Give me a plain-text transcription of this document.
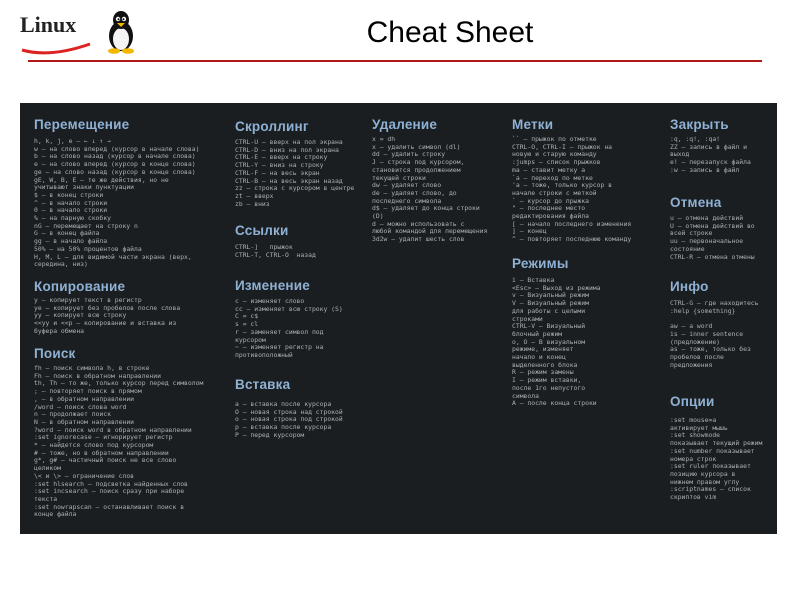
Linux	Cheat Sheet
Перемещение
h, k, j, e – ← ↓ ↑ →
w – на слово вперед (курсор в начале слова)
b – на слово назад (курсор в начале слова)
e – на слово вперед (курсор в конце слова)
ge – на слово назад (курсор в конце слова)
gE, W, B, E – те же действия, но не
учитывают знаки пунктуации
$ – в конец строки
^ – в начало строки
0 – в начало строки
% – на парную скобку
nG – перемещает на строку n
G – в конец файла
gg – в начало файла
50% – на 50% процентов файла
H, M, L – для видимой части экрана (верх,
середина, низ)
Копирование
y – копирует текст в регистр
ye – копирует без пробелов после слова
yy – копирует всю строку
<<yy и <<p – копирование и вставка из
буфера обмена
Поиск
fh – поиск символа h, в строке
Fh – поиск в обратном направлении
th, Th – то же, только курсор перед символом
; – повторяет поиск в прямом
, – в обратном направлении
/word – поиск слова word
n – продолжает поиск
N – в обратном направлении
?word – поиск word в обратном направлении
:set ignorecase – игнорирует регистр
* – найдется слово под курсором
# – тоже, но в обратном направлении
g*, g# – частичный поиск не все слово
целиком
\< и \> – ограничение слов
:set hlsearch – подсветка найденных слов
:set incsearch – поиск сразу при наборе
текста
:set nowrapscan – останавливает поиск в
конце файла
Скроллинг
CTRL-U – вверх на пол экрана
CTRL-D – вниз на пол экрана
CTRL-E – вверх на строку
CTRL-Y – вниз на строку
CTRL-F – на весь экран
CTRL-B – на весь экран назад
zz – строка с курсором в центре
zt – вверх
zb – вниз
Ссылки
CTRL-]   прыжок
CTRL-T, CTRL-O  назад
Изменение
c – изменяет слово
cc – изменяет всю строку (S)
C = c$
s = cl
r – заменяет символ под
курсором
~ – изменяет регистр на
противоположный
Вставка
a – вставка после курсора
O – новая строка над строкой
o – новая строка под строкой
p – вставка после курсора
P – перед курсором
Удаление
x = dh
x – удалить символ (dl)
dd – удалить строку
J – строка под курсором,
становится продолжением
текущей строки
dw – удаляет слово
de – удаляет слово, до
последнего символа
d$ – удаляет до конца строки
(D)
d – можно использовать с
любой командой для перемещения
3d2w – удалит шесть слов
Метки
`` – прыжок по отметке
CTRL-O, CTRL-I – прыжок на
новую и старую команду
:jumps – список прыжков
ma – ставит метку a
`a – переход по метке
'a – тоже, только курсор в
начале строки с меткой
` – курсор до прыжка
" – последнее место
редактирования файла
[ – начало последнего изменения
] – конец
^ – повторяет последнюю команду
Режимы
i – Вставка
<Esc> – Выход из режима
v – Визуальный режим
V – Визуальный режим
для работы с целыми
строками
CTRL-V – Визуальный
блочный режим
o, O – В визуальном
режиме, изменяет
начало и конец
выделенного блока
R – режим замены
I – режим вставки,
после 1го непустого
символа
A – после конца строки
Закрыть
:q, :q!, :qa!
ZZ – запись в файл и
выход
e! – перезапуск файла
:w – запись в файл
Отмена
u – отмена действий
U – отмена действий во
всей строке
uu – первоначальное
состояние
CTRL-R – отмена отмены
Инфо
CTRL-G – где находитесь
:help {something}

aw – a word
is – inner sentence
(предложение)
as – тоже, только без
пробелов после
предложения
Опции
:set mouse=a
активирует мышь
:set showmode
показывает текущий режим
:set number показывает
номера строк
:set ruler показывает
позицию курсора в
нижнем правом углу
:scriptnames – список
скриптов vim
